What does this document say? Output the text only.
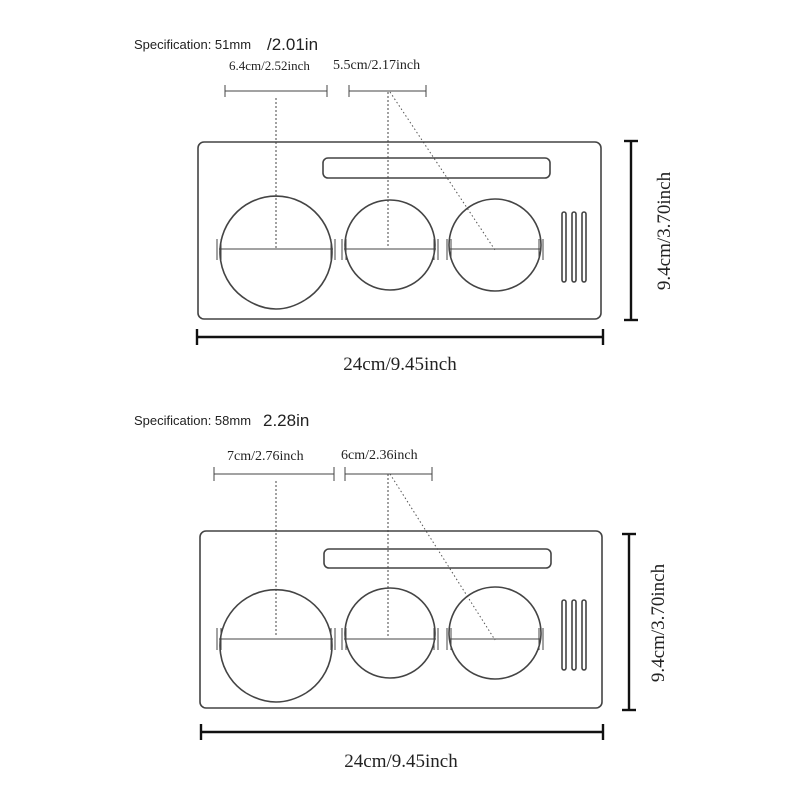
Specification: 51mm /2.01in
6.4cm/2.52inch 5.5cm/2.17inch
24cm/9.45inch
9.4cm/3.70inch
Specification: 58mm 2.28in
7cm/2.76inch	6cm/2.36inch
24cm/9.45inch
9.4cm/3.70inch
